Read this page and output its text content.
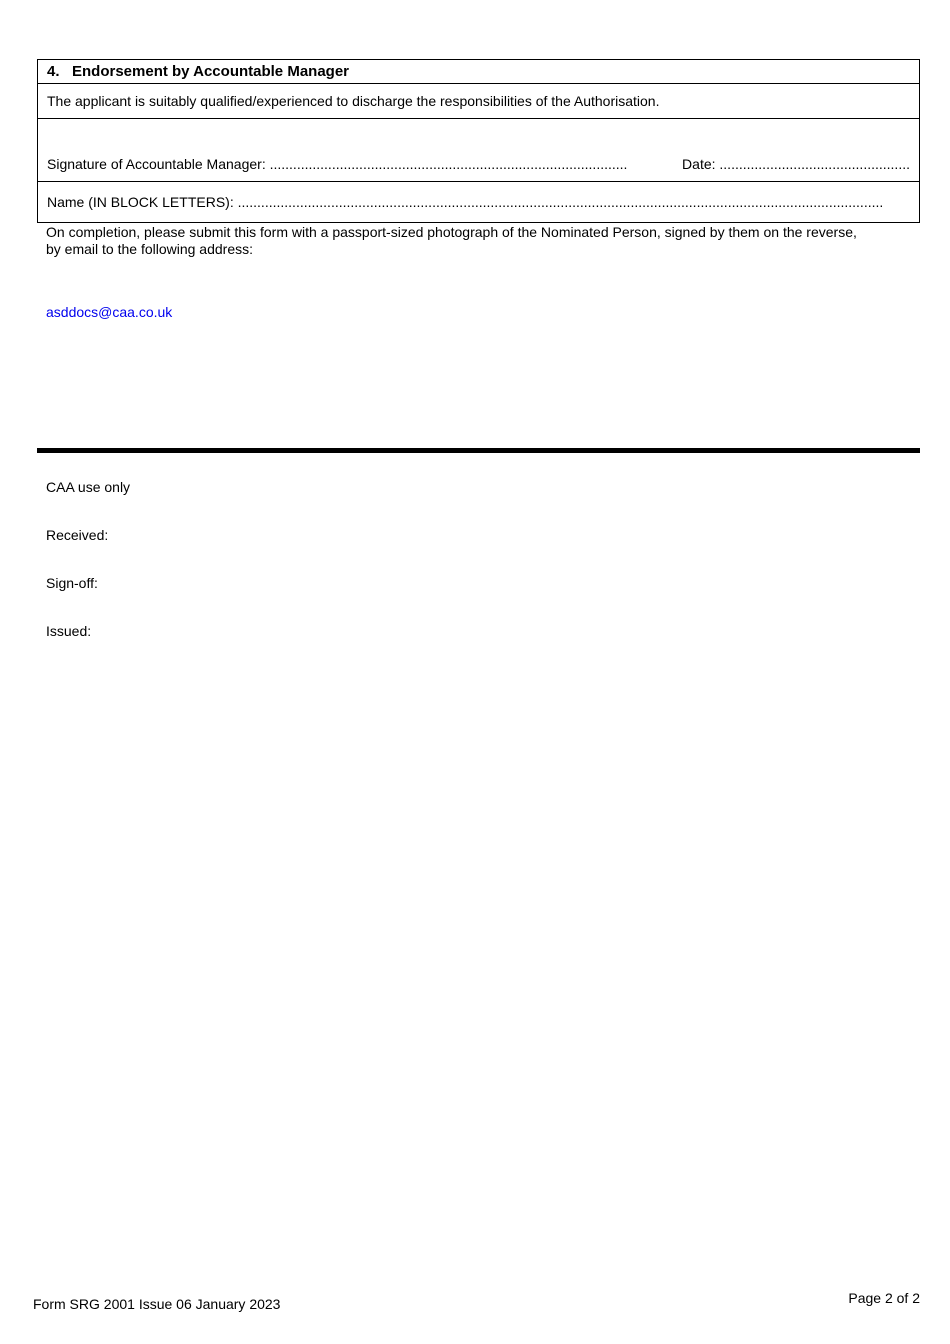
4. Endorsement by Accountable Manager
The applicant is suitably qualified/experienced to discharge the responsibilities of the Authorisation.

Signature of Accountable Manager: ............................................................................................	Date: .................................................

Name (IN BLOCK LETTERS): ......................................................................................................................................................................
On completion, please submit this form with a passport-sized photograph of the Nominated Person, signed by them on the reverse,
by email to the following address:
asddocs@caa.co.uk
CAA use only
Received:
Sign-off:
Issued:
Form SRG 2001 Issue 06 January 2023	Page 2 of 2
